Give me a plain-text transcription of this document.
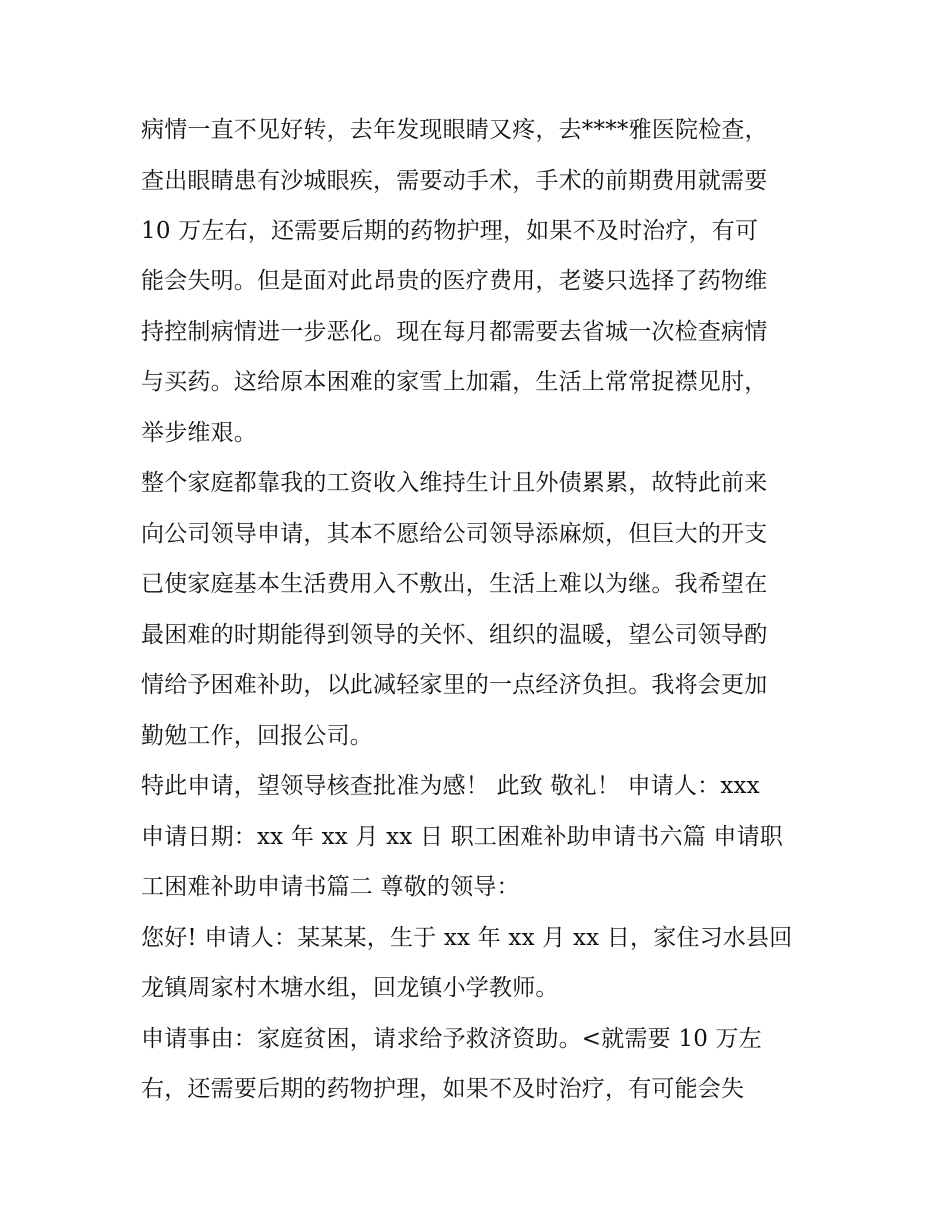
病情一直不见好转，去年发现眼睛又疼，去****雅医院检查，
查出眼睛患有沙城眼疾，需要动手术，手术的前期费用就需要
10 万左右，还需要后期的药物护理，如果不及时治疗，有可
能会失明。但是面对此昂贵的医疗费用，老婆只选择了药物维
持控制病情进一步恶化。现在每月都需要去省城一次检查病情
与买药。这给原本困难的家雪上加霜，生活上常常捉襟见肘，
举步维艰。
整个家庭都靠我的工资收入维持生计且外债累累，故特此前来
向公司领导申请，其本不愿给公司领导添麻烦，但巨大的开支
已使家庭基本生活费用入不敷出，生活上难以为继。我希望在
最困难的时期能得到领导的关怀、组织的温暖，望公司领导酌
情给予困难补助，以此减轻家里的一点经济负担。我将会更加
勤勉工作，回报公司。
特此申请，望领导核查批准为感！ 此致 敬礼！ 申请人：xxx
申请日期：xx 年 xx 月 xx 日 职工困难补助申请书六篇 申请职
工困难补助申请书篇二 尊敬的领导：
您好! 申请人：某某某，生于 xx 年 xx 月 xx 日，家住习水县回
龙镇周家村木塘水组，回龙镇小学教师。
申请事由：家庭贫困，请求给予救济资助。<就需要 10 万左
右，还需要后期的药物护理，如果不及时治疗，有可能会失
